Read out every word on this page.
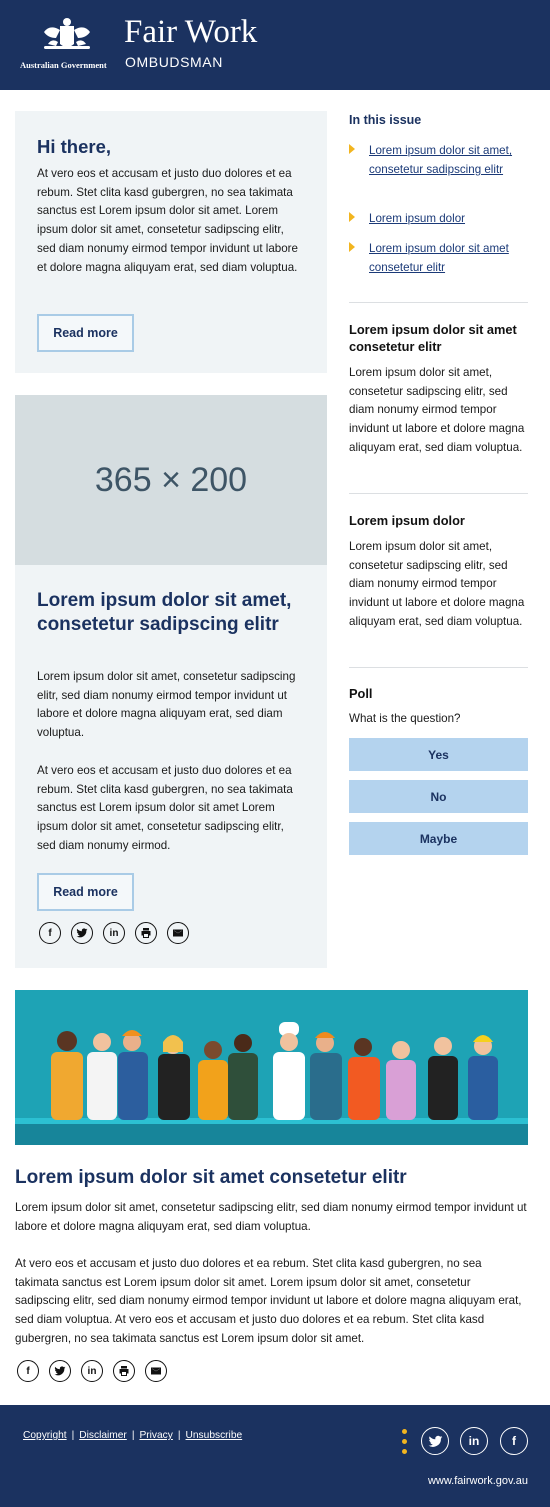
Australian Government
Fair Work
OMBUDSMAN
Hi there,
At vero eos et accusam et justo duo dolores et ea rebum. Stet clita kasd gubergren, no sea takimata sanctus est Lorem ipsum dolor sit amet. Lorem ipsum dolor sit amet, consetetur sadipscing elitr, sed diam nonumy eirmod tempor invidunt ut labore et dolore magna aliquyam erat, sed diam voluptua.
Read more
365 × 200
Lorem ipsum dolor sit amet, consetetur sadipscing elitr
Lorem ipsum dolor sit amet, consetetur sadipscing elitr, sed diam nonumy eirmod tempor invidunt ut labore et dolore magna aliquyam erat, sed diam voluptua.
At vero eos et accusam et justo duo dolores et ea rebum. Stet clita kasd gubergren, no sea takimata sanctus est Lorem ipsum dolor sit amet Lorem ipsum dolor sit amet, consetetur sadipscing elitr, sed diam nonumy eirmod.
Read more
f	in
In this issue
Lorem ipsum dolor sit amet, consetetur sadipscing elitr
Lorem ipsum dolor
Lorem ipsum dolor sit amet consetetur elitr
Lorem ipsum dolor sit amet consetetur elitr
Lorem ipsum dolor sit amet, consetetur sadipscing elitr, sed diam nonumy eirmod tempor invidunt ut labore et dolore magna aliquyam erat, sed diam voluptua.
Lorem ipsum dolor
Lorem ipsum dolor sit amet, consetetur sadipscing elitr, sed diam nonumy eirmod tempor invidunt ut labore et dolore magna aliquyam erat, sed diam voluptua.
Poll
What is the question?
Yes
No
Maybe
Lorem ipsum dolor sit amet consetetur elitr
Lorem ipsum dolor sit amet, consetetur sadipscing elitr, sed diam nonumy eirmod tempor invidunt ut labore et dolore magna aliquyam erat, sed diam voluptua.
At vero eos et accusam et justo duo dolores et ea rebum. Stet clita kasd gubergren, no sea takimata sanctus est Lorem ipsum dolor sit amet. Lorem ipsum dolor sit amet, consetetur sadipscing elitr, sed diam nonumy eirmod tempor invidunt ut labore et dolore magna aliquyam erat, sed diam voluptua. At vero eos et accusam et justo duo dolores et ea rebum. Stet clita kasd gubergren, no sea takimata sanctus est Lorem ipsum dolor sit amet.
f	in
Copyright | Disclaimer | Privacy | Unsubscribe	in	f
www.fairwork.gov.au
